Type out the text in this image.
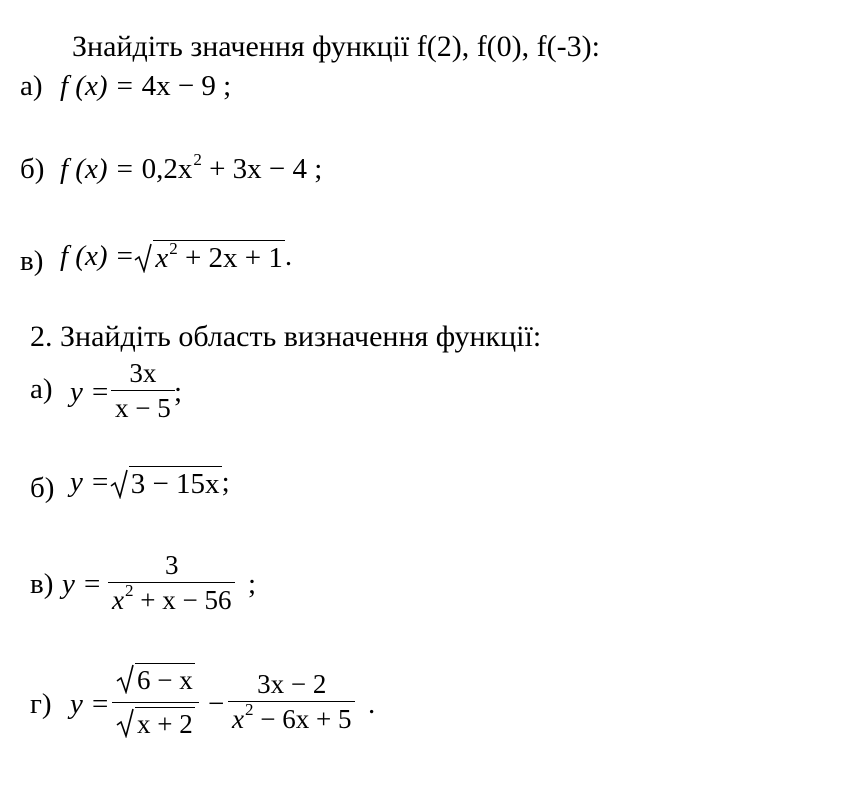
Знайдіть значення функції f(2), f(0), f(-3):
а) f (x) = 4x − 9 ;
б) f $(x) = 0,2x^2 + 3x - 4$ ;
в) f $(x) = x^2 + 2x + 1$ .
2. Знайдіть область визначення функції:
а) y =
3x
x − 5 ;
б) y = 3 − 15x ;
в) y =
3
$x^2 + x - 56$ ;
г) y =
6 − x
x + 2
−
3x − 2
$x^2 - 6x + 5$ .
